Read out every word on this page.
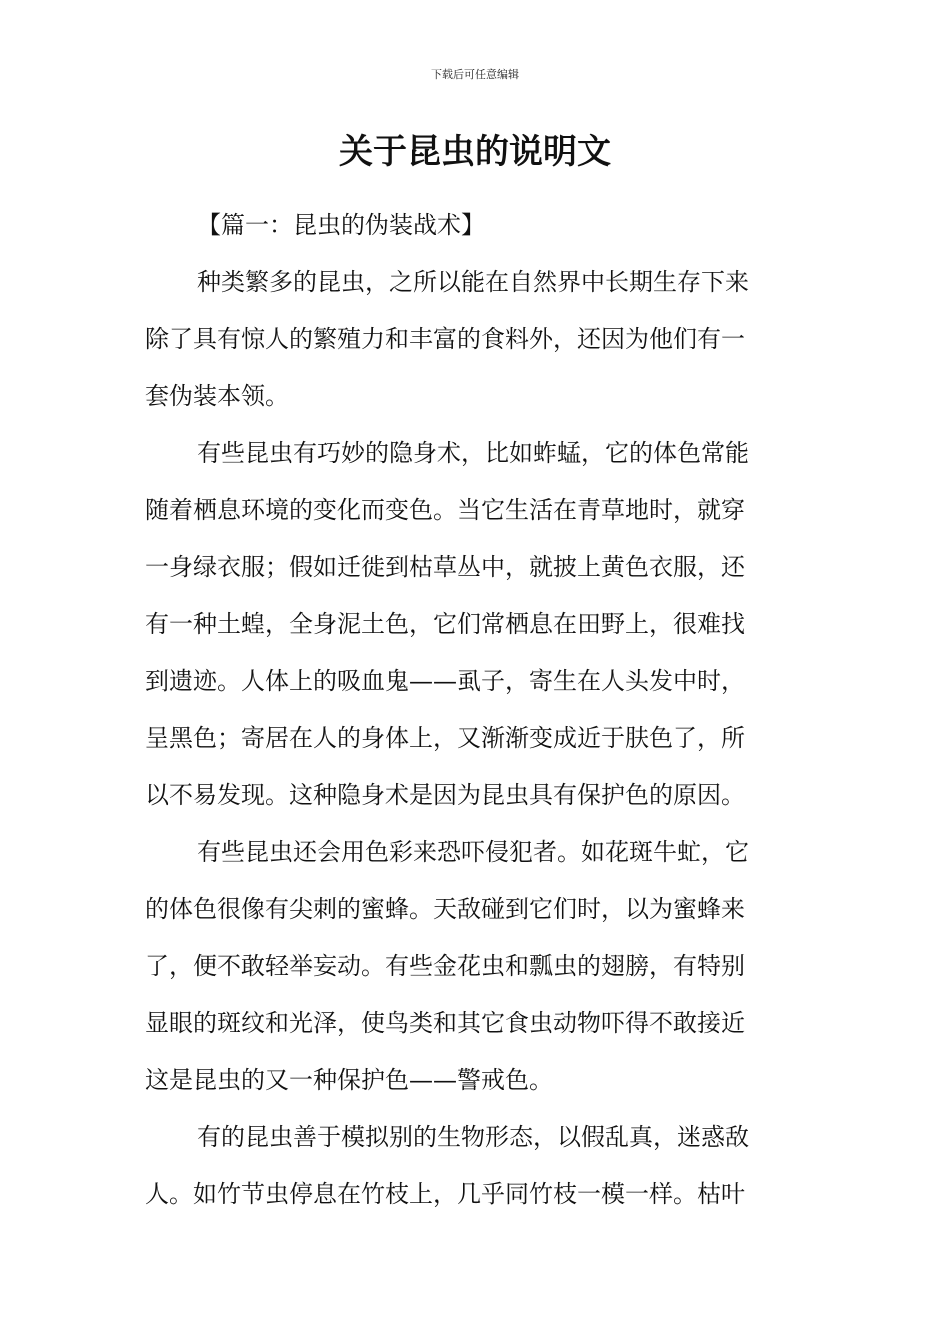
下载后可任意编辑
关于昆虫的说明文
【篇一：昆虫的伪装战术】
种类繁多的昆虫，之所以能在自然界中长期生存下来
除了具有惊人的繁殖力和丰富的食料外，还因为他们有一
套伪装本领。
有些昆虫有巧妙的隐身术，比如蚱蜢，它的体色常能
随着栖息环境的变化而变色。当它生活在青草地时，就穿
一身绿衣服；假如迁徙到枯草丛中，就披上黄色衣服，还
有一种土蝗，全身泥土色，它们常栖息在田野上，很难找
到遗迹。人体上的吸血鬼——虱子，寄生在人头发中时，
呈黑色；寄居在人的身体上，又渐渐变成近于肤色了，所
以不易发现。这种隐身术是因为昆虫具有保护色的原因。
有些昆虫还会用色彩来恐吓侵犯者。如花斑牛虻，它
的体色很像有尖刺的蜜蜂。天敌碰到它们时，以为蜜蜂来
了，便不敢轻举妄动。有些金花虫和瓢虫的翅膀，有特别
显眼的斑纹和光泽，使鸟类和其它食虫动物吓得不敢接近
这是昆虫的又一种保护色——警戒色。
有的昆虫善于模拟别的生物形态，以假乱真，迷惑敌
人。如竹节虫停息在竹枝上，几乎同竹枝一模一样。枯叶
